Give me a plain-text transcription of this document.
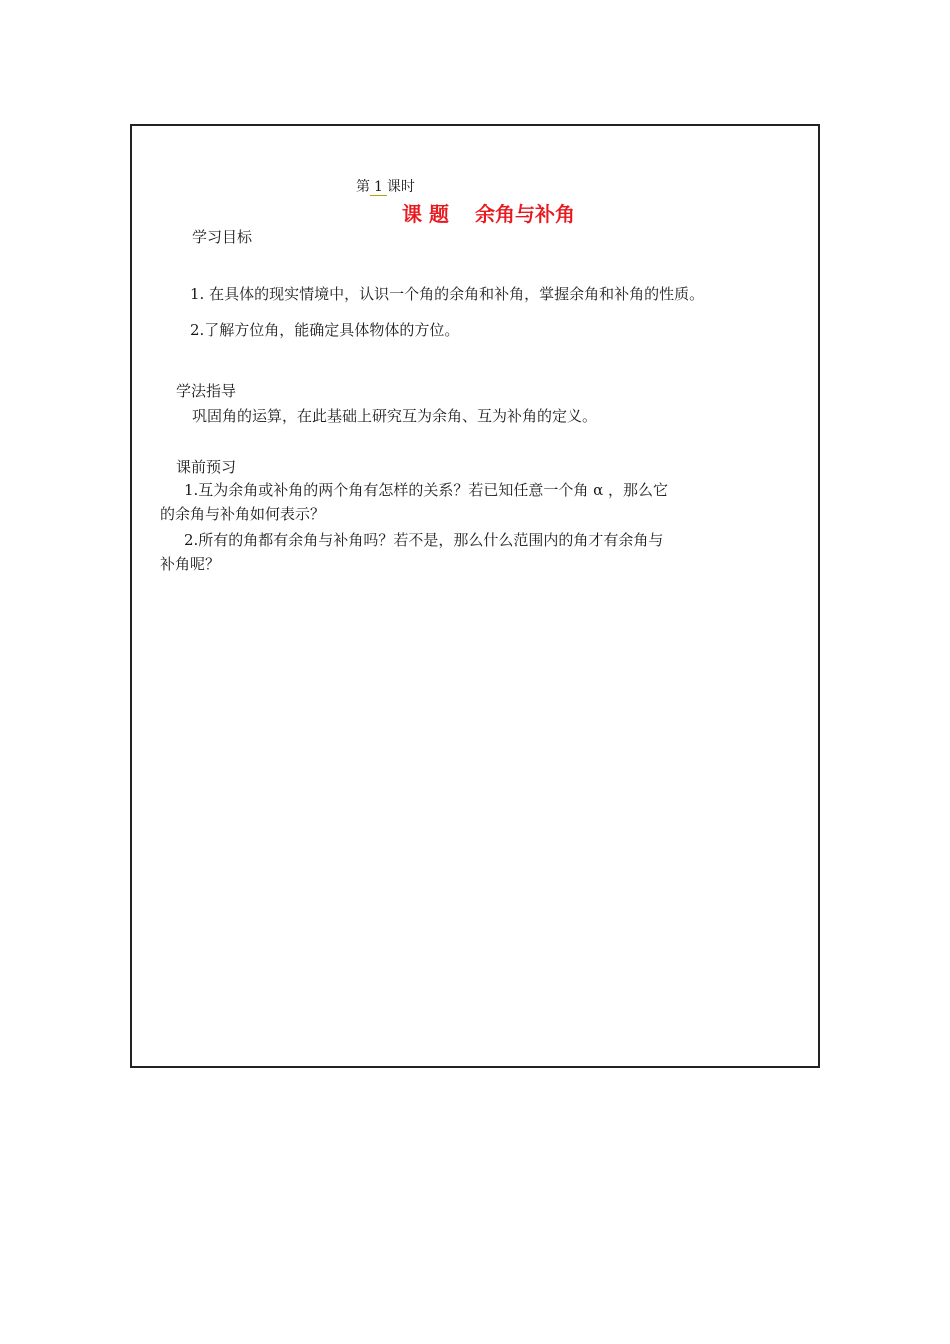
第 1 课时
课 题 余角与补角
学习目标
1. 在具体的现实情境中，认识一个角的余角和补角，掌握余角和补角的性质。
2.了解方位角，能确定具体物体的方位。
学法指导
巩固角的运算，在此基础上研究互为余角、互为补角的定义。
课前预习
1.互为余角或补角的两个角有怎样的关系？若已知任意一个角 α ，那么它
的余角与补角如何表示？
2.所有的角都有余角与补角吗？若不是，那么什么范围内的角才有余角与
补角呢？
